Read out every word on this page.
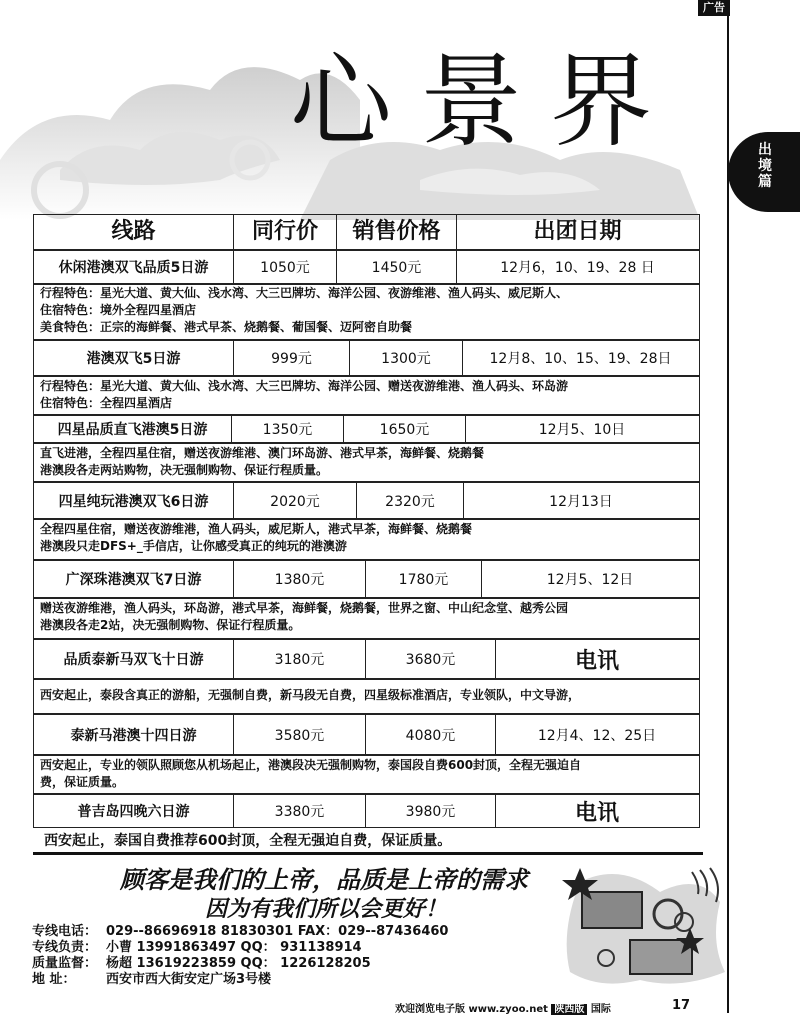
广告
心景界	出境篇
线路	同行价	销售价格	出团日期
休闲港澳双飞品质5日游	1050元	1450元	12月6，10、19、28 日
行程特色：星光大道、黄大仙、浅水湾、大三巴牌坊、海洋公园、夜游维港、渔人码头、威尼斯人、
住宿特色：境外全程四星酒店
美食特色：正宗的海鲜餐、港式早茶、烧鹅餐、葡国餐、迈阿密自助餐
港澳双飞5日游	999元	1300元	12月8、10、15、19、28日
行程特色：星光大道、黄大仙、浅水湾、大三巴牌坊、海洋公园、赠送夜游维港、渔人码头、环岛游
住宿特色：全程四星酒店
四星品质直飞港澳5日游	1350元	1650元	12月5、10日
直飞进港，全程四星住宿，赠送夜游维港、澳门环岛游、港式早茶，海鲜餐、烧鹅餐
港澳段各走两站购物，决无强制购物、保证行程质量。
四星纯玩港澳双飞6日游	2020元	2320元	12月13日
全程四星住宿，赠送夜游维港，渔人码头，威尼斯人，港式早茶，海鲜餐、烧鹅餐
港澳段只走DFS+_手信店，让你感受真正的纯玩的港澳游
广深珠港澳双飞7日游	1380元	1780元	12月5、12日
赠送夜游维港，渔人码头，环岛游，港式早茶，海鲜餐，烧鹅餐，世界之窗、中山纪念堂、越秀公园
港澳段各走2站，决无强制购物、保证行程质量。
品质泰新马双飞十日游	3180元	3680元	电讯
西安起止，泰段含真正的游船，无强制自费，新马段无自费，四星级标准酒店，专业领队，中文导游，
泰新马港澳十四日游	3580元	4080元	12月4、12、25日
西安起止，专业的领队照顾您从机场起止，港澳段决无强制购物，泰国段自费600封顶，全程无强迫自
费，保证质量。
普吉岛四晚六日游	3380元	3980元	电讯
西安起止，泰国自费推荐600封顶，全程无强迫自费，保证质量。
顾客是我们的上帝，品质是上帝的需求
因为有我们所以会更好！
专线电话： 029--86696918 81830301 FAX：029--87436460
专线负责： 小曹 13991863497 QQ： 931138914
质量监督： 杨超 13619223859 QQ： 1226128205
地 址： 西安市西大街安定广场3号楼
欢迎浏览电子版 www.zyoo.net 陕西版 国际	17
